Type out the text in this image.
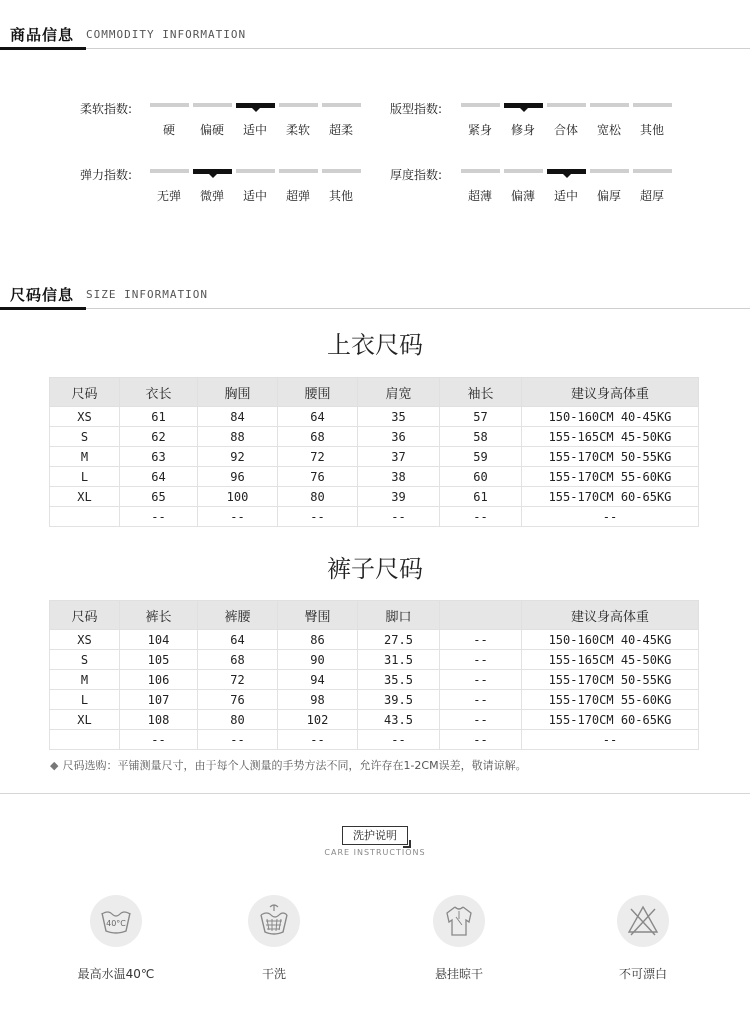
商品信息 COMMODITY INFORMATION
柔软指数:
硬	偏硬	适中	柔软	超柔
版型指数:
紧身	修身	合体	宽松	其他
弹力指数:
无弹	微弹	适中	超弹	其他
厚度指数:
超薄	偏薄	适中	偏厚	超厚
尺码信息 SIZE INFORMATION
上衣尺码
尺码	衣长	胸围	腰围	肩宽	袖长	建议身高体重
XS	61	84	64	35	57	150-160CM 40-45KG
S	62	88	68	36	58	155-165CM 45-50KG
M	63	92	72	37	59	155-170CM 50-55KG
L	64	96	76	38	60	155-170CM 55-60KG
XL	65	100	80	39	61	155-170CM 60-65KG
	--	--	--	--	--	--
裤子尺码
尺码	裤长	裤腰	臀围	脚口		建议身高体重
XS	104	64	86	27.5	--	150-160CM 40-45KG
S	105	68	90	31.5	--	155-165CM 45-50KG
M	106	72	94	35.5	--	155-170CM 50-55KG
L	107	76	98	39.5	--	155-170CM 55-60KG
XL	108	80	102	43.5	--	155-170CM 60-65KG
	--	--	--	--	--	--
◆ 尺码选购：平铺测量尺寸，由于每个人测量的手势方法不同，允许存在1-2CM误差，敬请谅解。
洗护说明
CARE INSTRUCTIONS
40°C
最高水温40℃	干洗	悬挂晾干	不可漂白
